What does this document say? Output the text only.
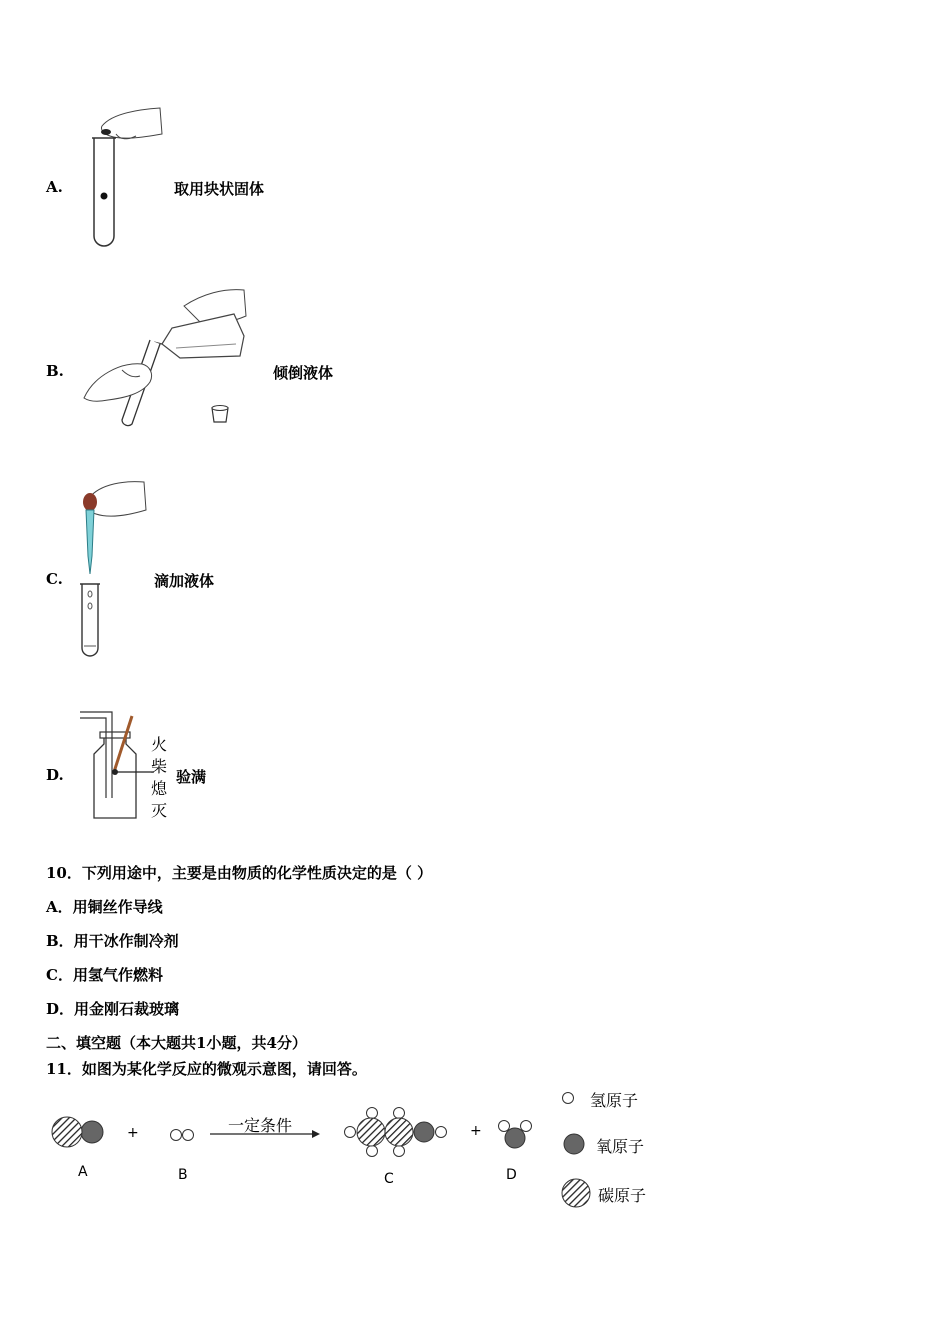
A.	取用块状固体
B.	倾倒液体
C.	滴加液体
D.
火
柴
熄
灭
验满
10．下列用途中，主要是由物质的化学性质决定的是（ ）
A．用铜丝作导线
B．用干冰作制冷剂
C．用氢气作燃料
D．用金刚石裁玻璃
二、填空题（本大题共1小题，共4分）
11．如图为某化学反应的微观示意图，请回答。
+	+
一定条件
A	B	C	D
氢原子
氧原子
碳原子
